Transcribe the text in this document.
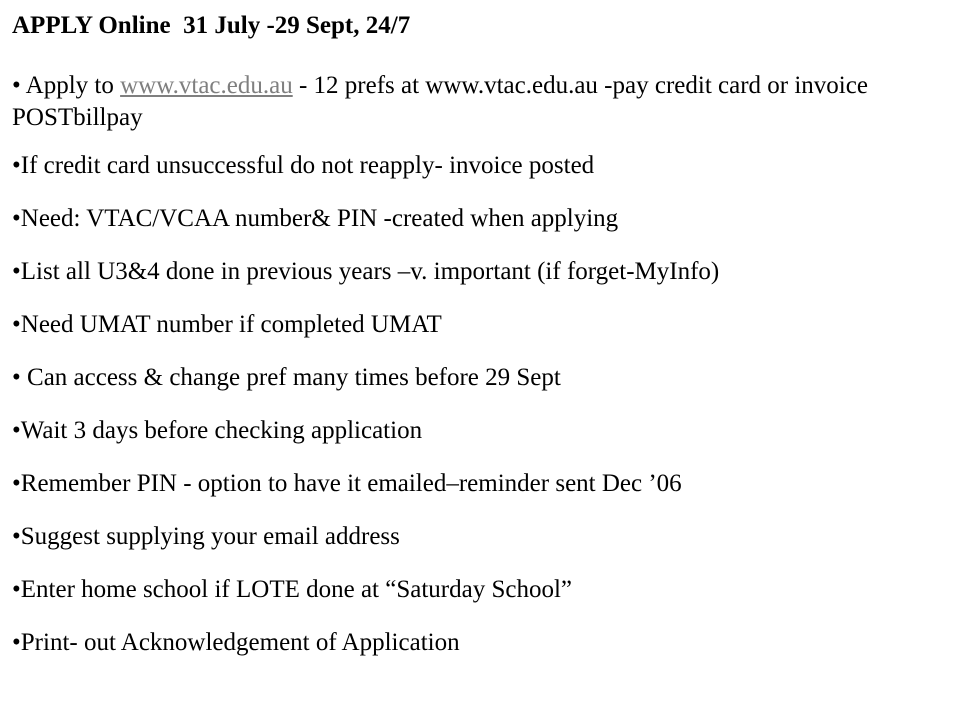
APPLY Online  31 July -29 Sept, 24/7
• Apply to www.vtac.edu.au - 12 prefs at www.vtac.edu.au -pay credit card or invoice POSTbillpay
•If credit card unsuccessful do not reapply- invoice posted
•Need: VTAC/VCAA number& PIN -created when applying
•List all U3&4 done in previous years –v. important (if forget-MyInfo)
•Need UMAT number if completed UMAT
• Can access & change pref many times before 29 Sept
•Wait 3 days before checking application
•Remember PIN - option to have it emailed–reminder sent Dec ’06
•Suggest supplying your email address
•Enter home school if LOTE done at “Saturday School”
•Print- out Acknowledgement of Application
